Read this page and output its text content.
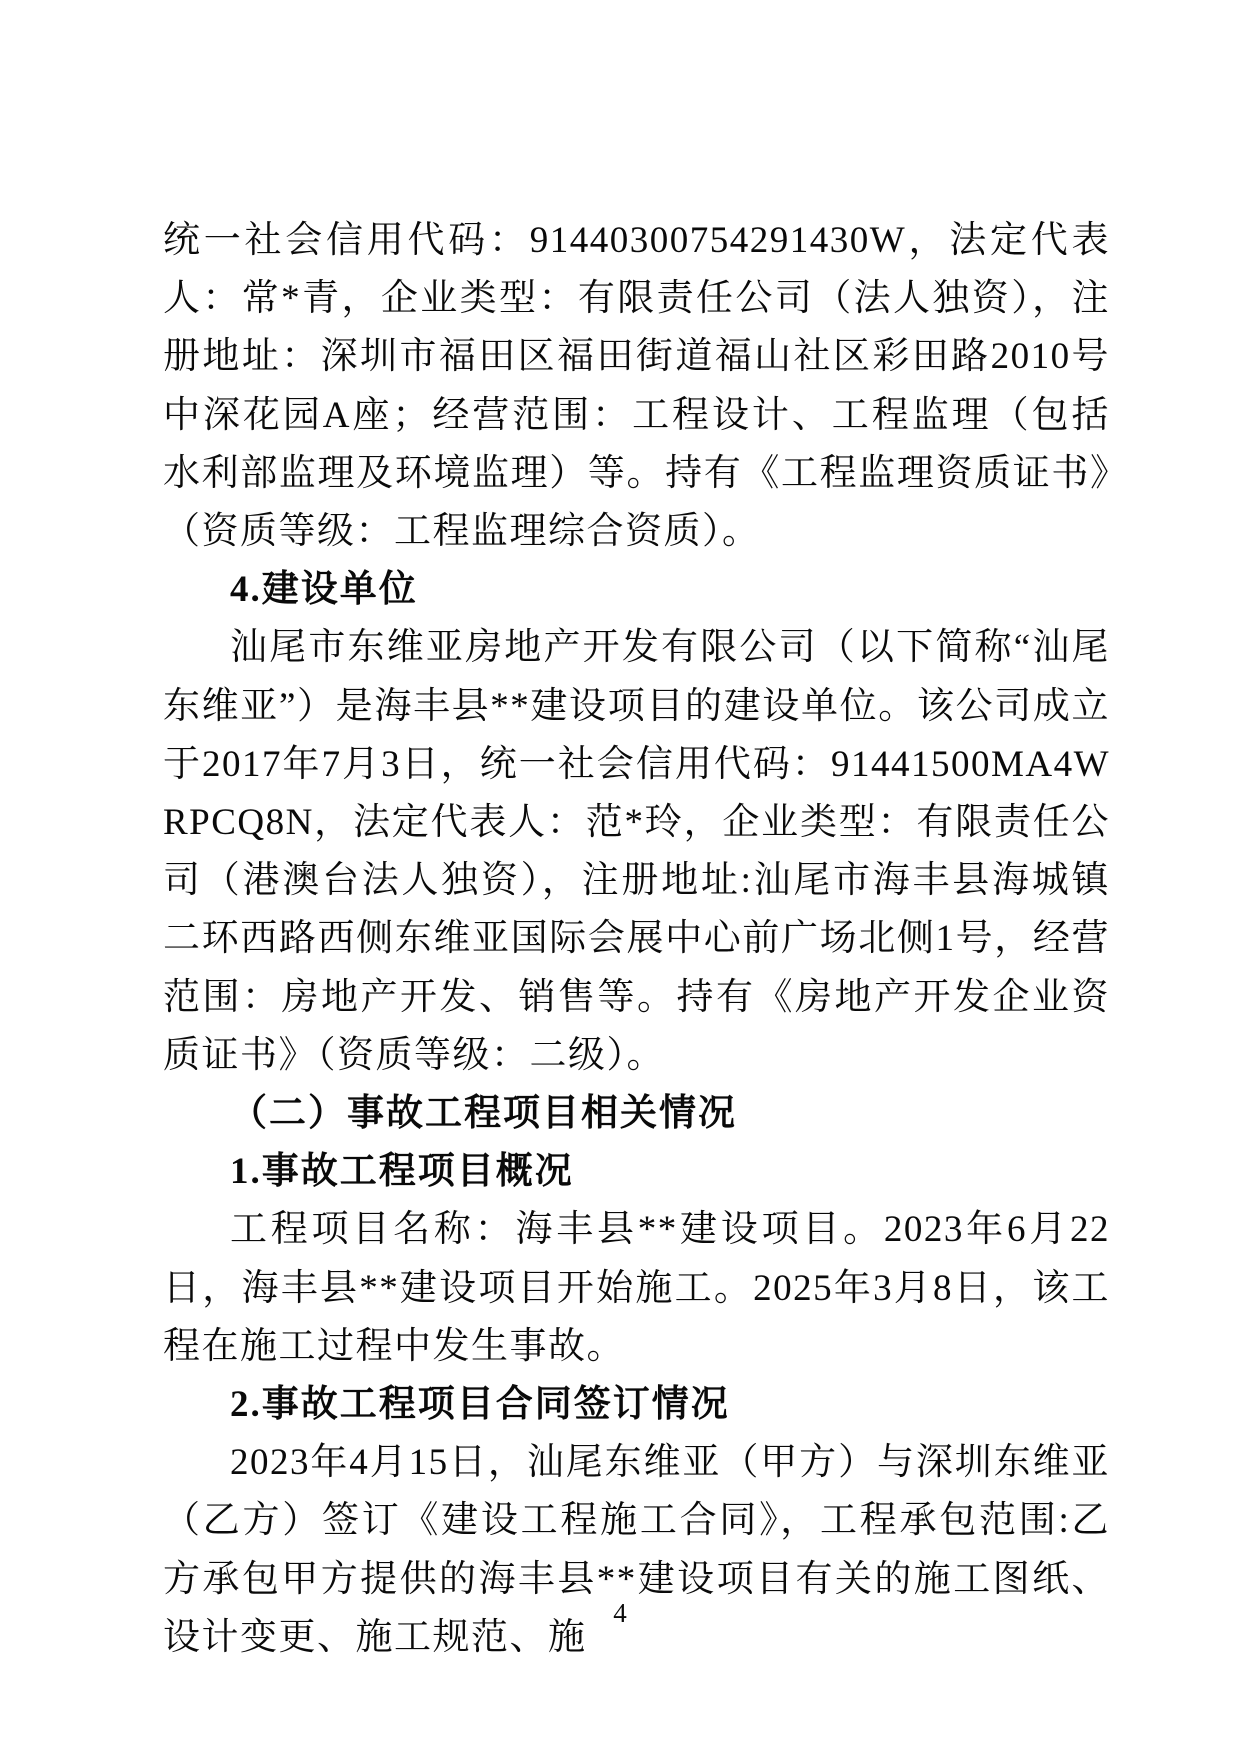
统一社会信用代码：91440300754291430W，法定代表人：常*青，企业类型：有限责任公司（法人独资），注册地址：深圳市福田区福田街道福山社区彩田路2010号中深花园A座；经营范围：工程设计、工程监理（包括水利部监理及环境监理）等。持有《工程监理资质证书》（资质等级：工程监理综合资质）。

4.建设单位

汕尾市东维亚房地产开发有限公司（以下简称“汕尾东维亚”）是海丰县**建设项目的建设单位。该公司成立于2017年7月3日，统一社会信用代码：91441500MA4WRPCQ8N，法定代表人：范*玲，企业类型：有限责任公司（港澳台法人独资），注册地址:汕尾市海丰县海城镇二环西路西侧东维亚国际会展中心前广场北侧1号，经营范围：房地产开发、销售等。持有《房地产开发企业资质证书》（资质等级：二级）。

（二）事故工程项目相关情况
1.事故工程项目概况

工程项目名称：海丰县**建设项目。2023年6月22日，海丰县**建设项目开始施工。2025年3月8日，该工程在施工过程中发生事故。

2.事故工程项目合同签订情况

2023年4月15日，汕尾东维亚（甲方）与深圳东维亚（乙方）签订《建设工程施工合同》，工程承包范围:乙方承包甲方提供的海丰县**建设项目有关的施工图纸、设计变更、施工规范、施

4
